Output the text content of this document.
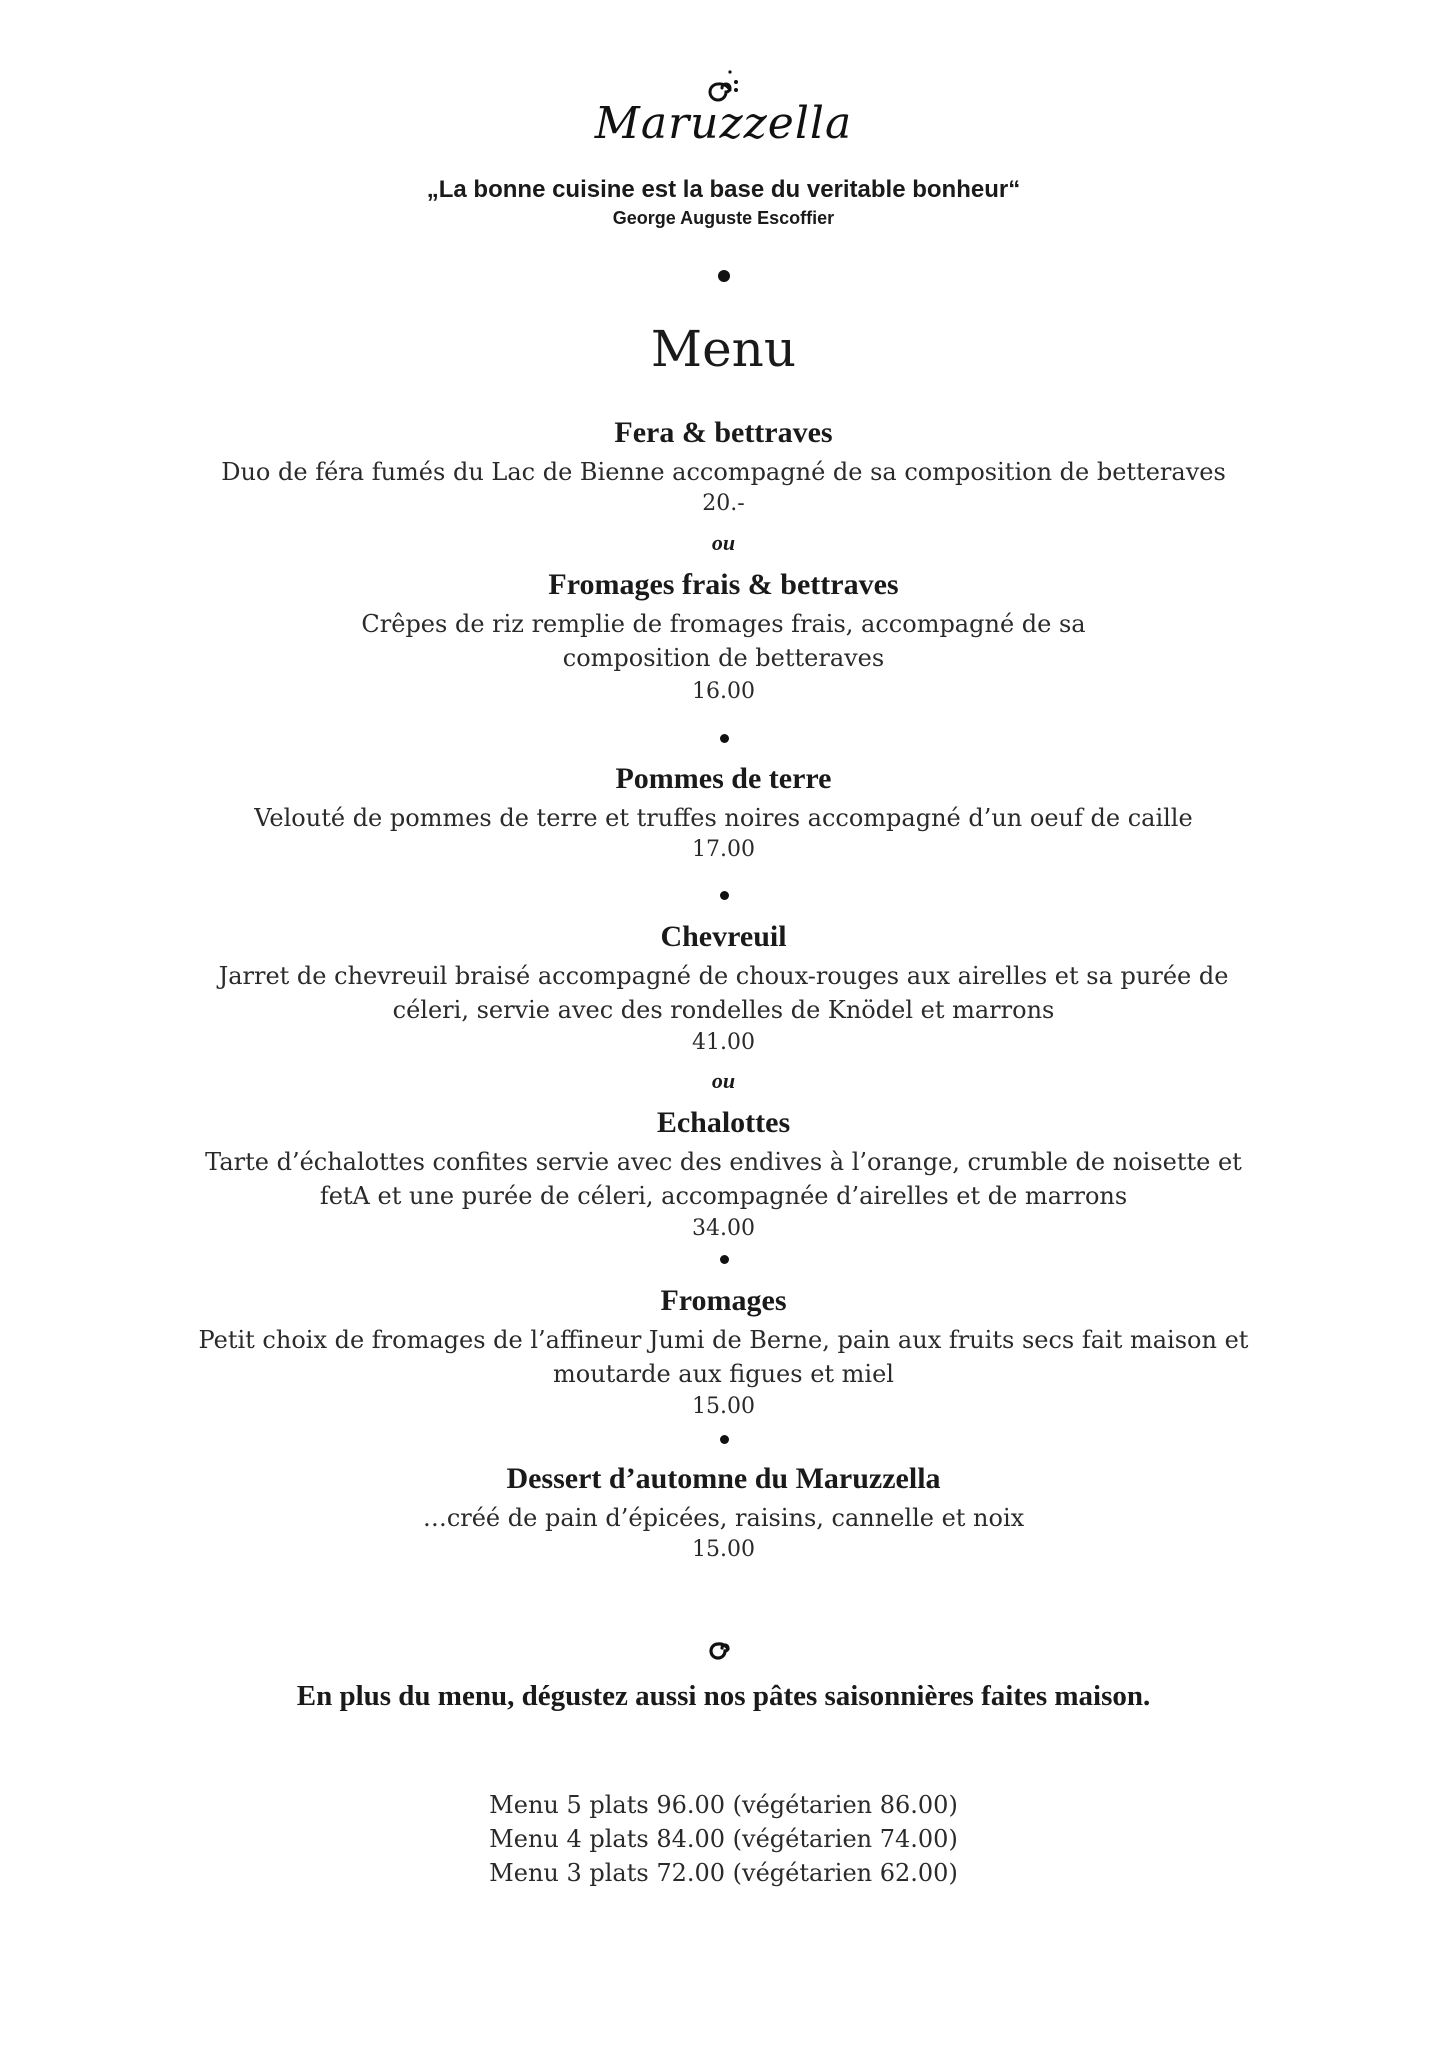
Maruzzella
„La bonne cuisine est la base du veritable bonheur“
George Auguste Escoffier
Menu
Fera & bettraves
Duo de féra fumés du Lac de Bienne accompagné de sa composition de betteraves
20.-
ou
Fromages frais & bettraves
Crêpes de riz remplie de fromages frais, accompagné de sa composition de betteraves
16.00
Pommes de terre
Velouté de pommes de terre et truffes noires accompagné d’un oeuf de caille
17.00
Chevreuil
Jarret de chevreuil braisé accompagné de choux-rouges aux airelles et sa purée de céleri, servie avec des rondelles de Knödel et marrons
41.00
ou
Echalottes
Tarte d’échalottes confites servie avec des endives à l’orange, crumble de noisette et fetA et une purée de céleri, accompagnée d’airelles et de marrons
34.00
Fromages
Petit choix de fromages de l’affineur Jumi de Berne, pain aux fruits secs fait maison et moutarde aux figues et miel
15.00
Dessert d’automne du Maruzzella
…créé de pain d’épicées, raisins, cannelle et noix
15.00
En plus du menu, dégustez aussi nos pâtes saisonnières faites maison.
Menu 5 plats 96.00 (végétarien 86.00)
Menu 4 plats 84.00 (végétarien 74.00)
Menu 3 plats 72.00 (végétarien 62.00)
